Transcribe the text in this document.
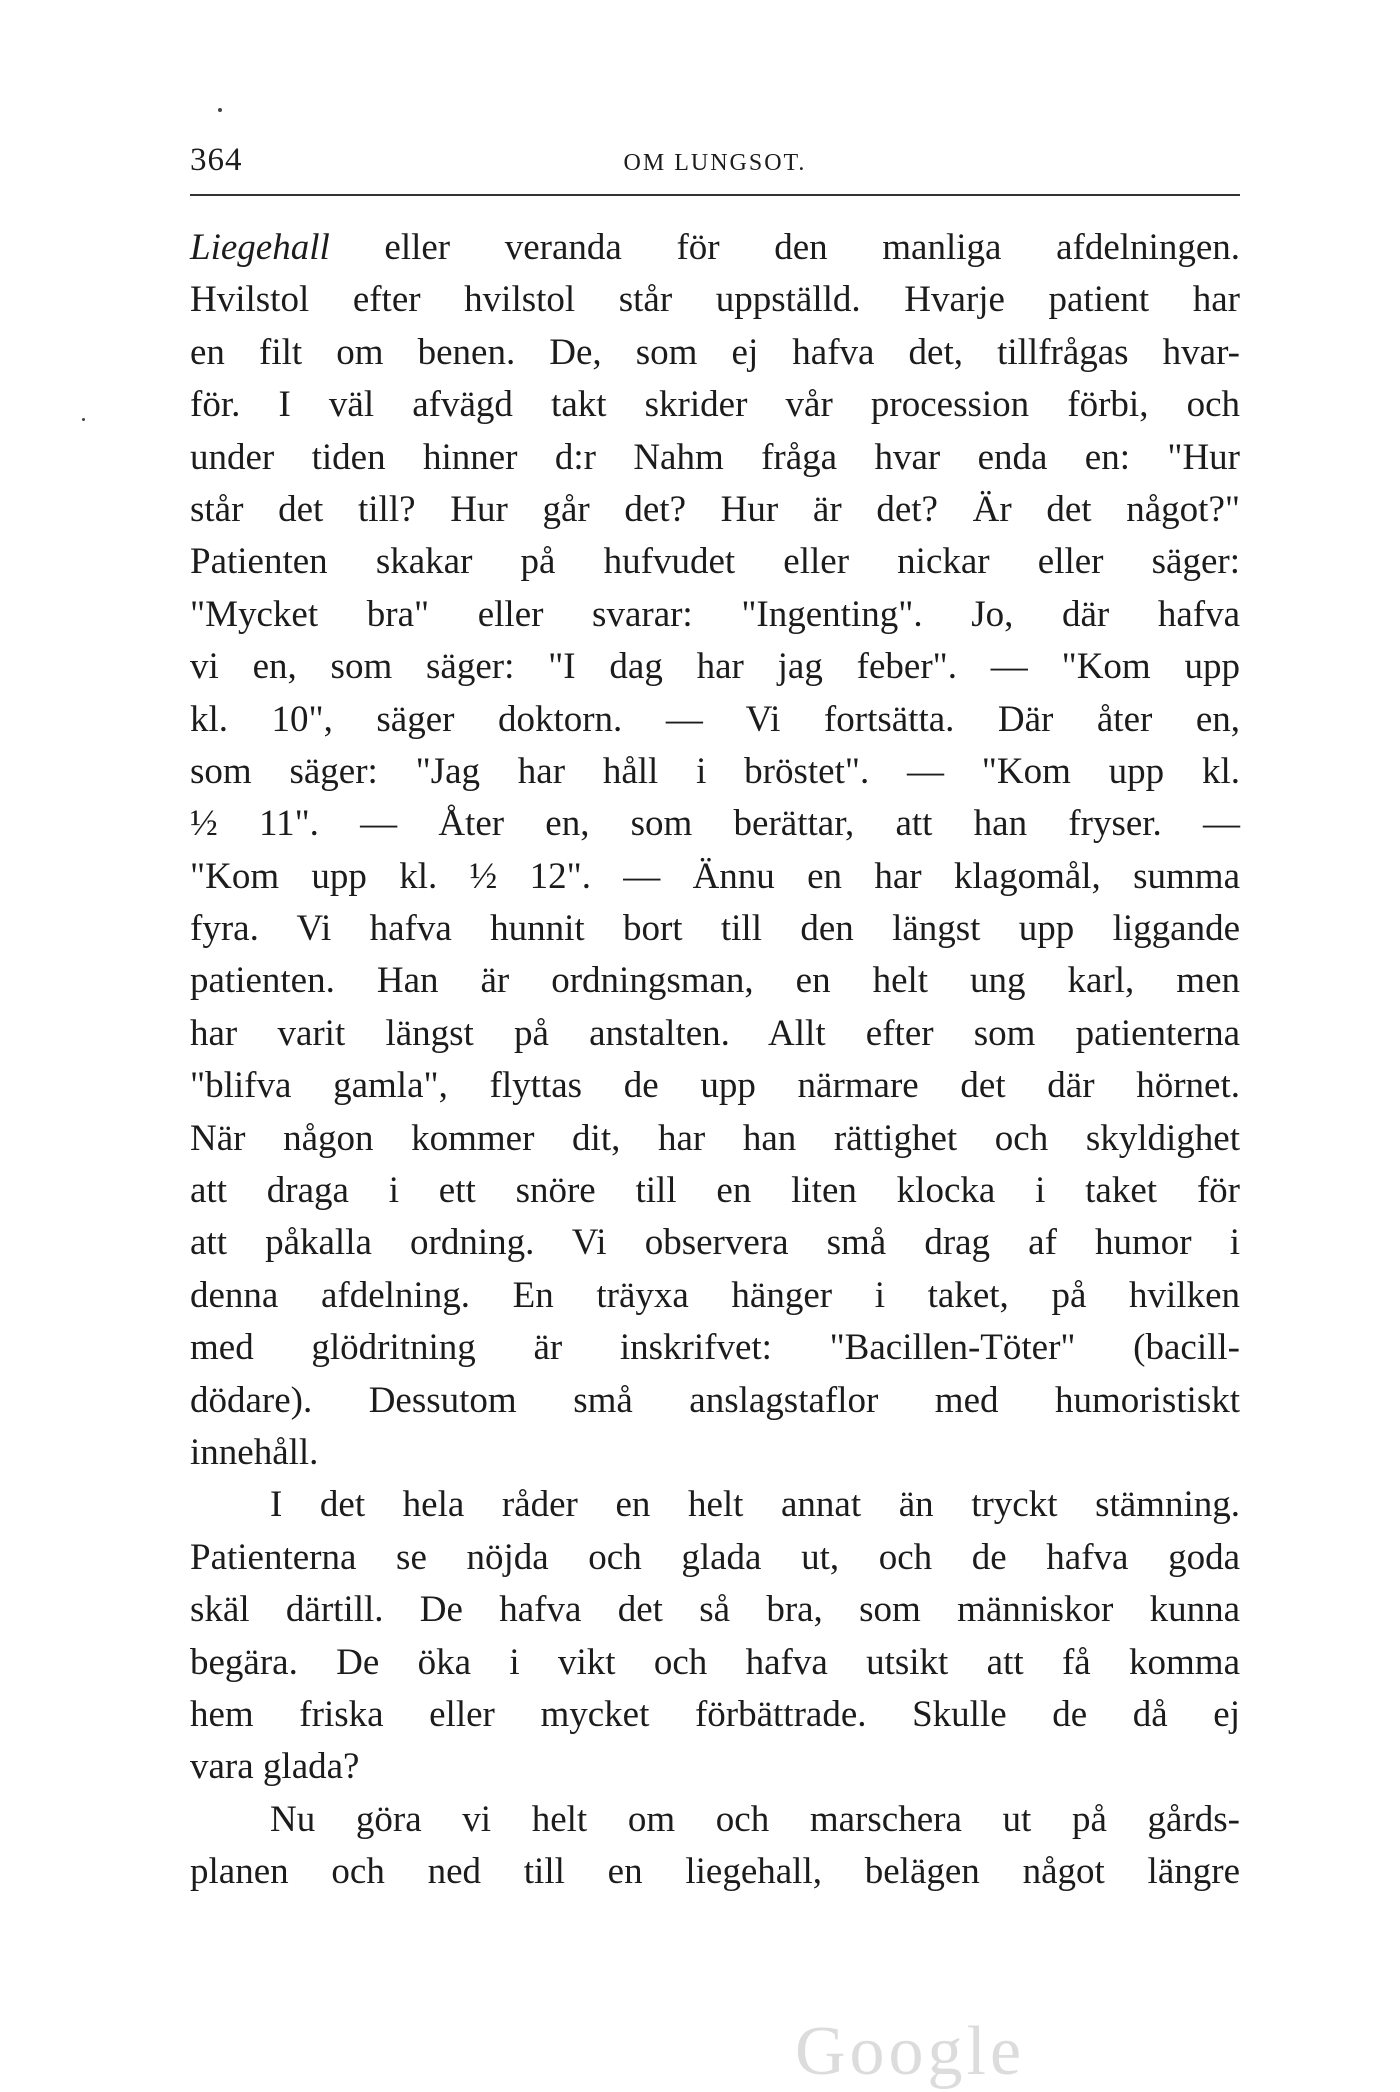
364	OM LUNGSOT.
Liegehall eller veranda för den manliga afdelningen.
Hvilstol efter hvilstol står uppställd. Hvarje patient har
en filt om benen. De, som ej hafva det, tillfrågas hvar-
för. I väl afvägd takt skrider vår procession förbi, och
under tiden hinner d:r Nahm fråga hvar enda en: "Hur
står det till? Hur går det? Hur är det? Är det något?"
Patienten skakar på hufvudet eller nickar eller säger:
"Mycket bra" eller svarar: "Ingenting". Jo, där hafva
vi en, som säger: "I dag har jag feber". — "Kom upp
kl. 10", säger doktorn. — Vi fortsätta. Där åter en,
som säger: "Jag har håll i bröstet". — "Kom upp kl.
½ 11". — Åter en, som berättar, att han fryser. —
"Kom upp kl. ½ 12". — Ännu en har klagomål, summa
fyra. Vi hafva hunnit bort till den längst upp liggande
patienten. Han är ordningsman, en helt ung karl, men
har varit längst på anstalten. Allt efter som patienterna
"blifva gamla", flyttas de upp närmare det där hörnet.
När någon kommer dit, har han rättighet och skyldighet
att draga i ett snöre till en liten klocka i taket för
att påkalla ordning. Vi observera små drag af humor i
denna afdelning. En träyxa hänger i taket, på hvilken
med glödritning är inskrifvet: "Bacillen-Töter" (bacill-
dödare). Dessutom små anslagstaflor med humoristiskt
innehåll.
I det hela råder en helt annat än tryckt stämning.
Patienterna se nöjda och glada ut, och de hafva goda
skäl därtill. De hafva det så bra, som människor kunna
begära. De öka i vikt och hafva utsikt att få komma
hem friska eller mycket förbättrade. Skulle de då ej
vara glada?
Nu göra vi helt om och marschera ut på gårds-
planen och ned till en liegehall, belägen något längre
Google
